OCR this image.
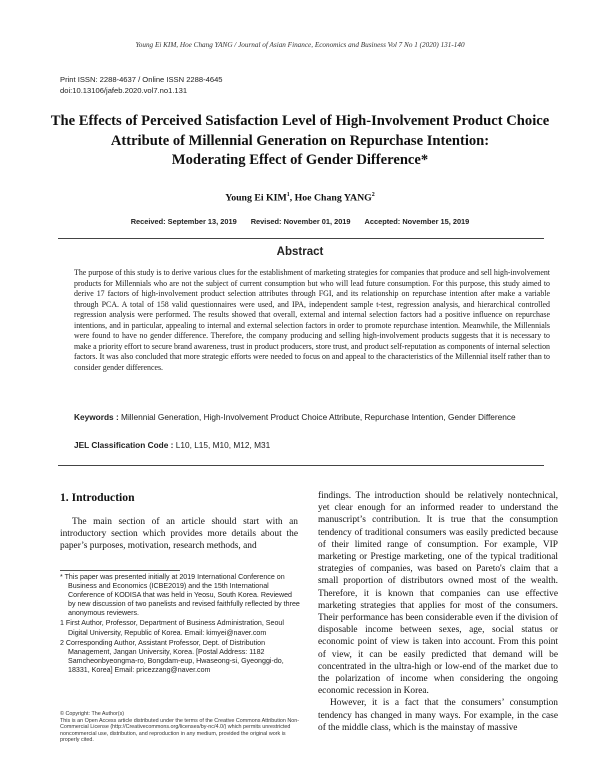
Young Ei KIM, Hoe Chang YANG / Journal of Asian Finance, Economics and Business Vol 7 No 1 (2020) 131-140
Print ISSN: 2288-4637 / Online ISSN 2288-4645
doi:10.13106/jafeb.2020.vol7.no1.131
The Effects of Perceived Satisfaction Level of High-Involvement Product Choice
Attribute of Millennial Generation on Repurchase Intention:
Moderating Effect of Gender Difference*
Young Ei KIM$^1$, Hoe Chang YANG$^2$
Received: September 13, 2019 Revised: November 01, 2019 Accepted: November 15, 2019
Abstract
The purpose of this study is to derive various clues for the establishment of marketing strategies for companies that produce and sell high-involvement products for Millennials who are not the subject of current consumption but who will lead future consumption. For this purpose, this study aimed to derive 17 factors of high-involvement product selection attributes through FGI, and its relationship on repurchase intention after make a variable through PCA. A total of 158 valid questionnaires were used, and IPA, independent sample t-test, regression analysis, and hierarchical controlled regression analysis were performed. The results showed that overall, external and internal selection factors had a positive influence on repurchase intentions, and in particular, appealing to internal and external selection factors in order to promote repurchase intention. Meanwhile, the Millennials were found to have no gender difference. Therefore, the company producing and selling high-involvement products suggests that it is necessary to make a priority effort to secure brand awareness, trust in product producers, store trust, and product self-reputation as components of internal selection factors. It was also concluded that more strategic efforts were needed to focus on and appeal to the characteristics of the Millennial itself rather than to consider gender differences.
Keywords : Millennial Generation, High-Involvement Product Choice Attribute, Repurchase Intention, Gender Difference
JEL Classification Code : L10, L15, M10, M12, M31
1. Introduction
The main section of an article should start with an introductory section which provides more details about the paper’s purposes, motivation, research methods, and
* This paper was presented initially at 2019 International Conference on Business and Economics (ICBE2019) and the 15th International Conference of KODISA that was held in Yeosu, South Korea. Reviewed by new discussion of two panelists and revised faithfully reflected by three anonymous reviewers.
1 First Author, Professor, Department of Business Administration, Seoul Digital University, Republic of Korea. Email: kimyei@naver.com
2 Corresponding Author, Assistant Professor, Dept. of Distribution Management, Jangan University, Korea. [Postal Address: 1182 Samcheonbyeongma-ro, Bongdam-eup, Hwaseong-si, Gyeonggi-do, 18331, Korea] Email: pricezzang@naver.com
© Copyright: The Author(s)
This is an Open Access article distributed under the terms of the Creative Commons Attribution Non-Commercial License (http://Creativecommons.org/licenses/by-nc/4.0/) which permits unrestricted noncommercial use, distribution, and reproduction in any medium, provided the original work is properly cited.

findings. The introduction should be relatively nontechnical, yet clear enough for an informed reader to understand the manuscript’s contribution. It is true that the consumption tendency of traditional consumers was easily predicted because of their limited range of consumption. For example, VIP marketing or Prestige marketing, one of the typical traditional strategies of companies, was based on Pareto's claim that a small proportion of distributors owned most of the wealth. Therefore, it is known that companies can use effective marketing strategies that applies for most of the consumers. Their performance has been considerable even if the division of disposable income between sexes, age, social status or economic point of view is taken into account. From this point of view, it can be easily predicted that demand will be concentrated in the ultra-high or low-end of the market due to the polarization of income when considering the ongoing economic recession in Korea.

However, it is a fact that the consumers’ consumption tendency has changed in many ways. For example, in the case of the middle class, which is the mainstay of massive
